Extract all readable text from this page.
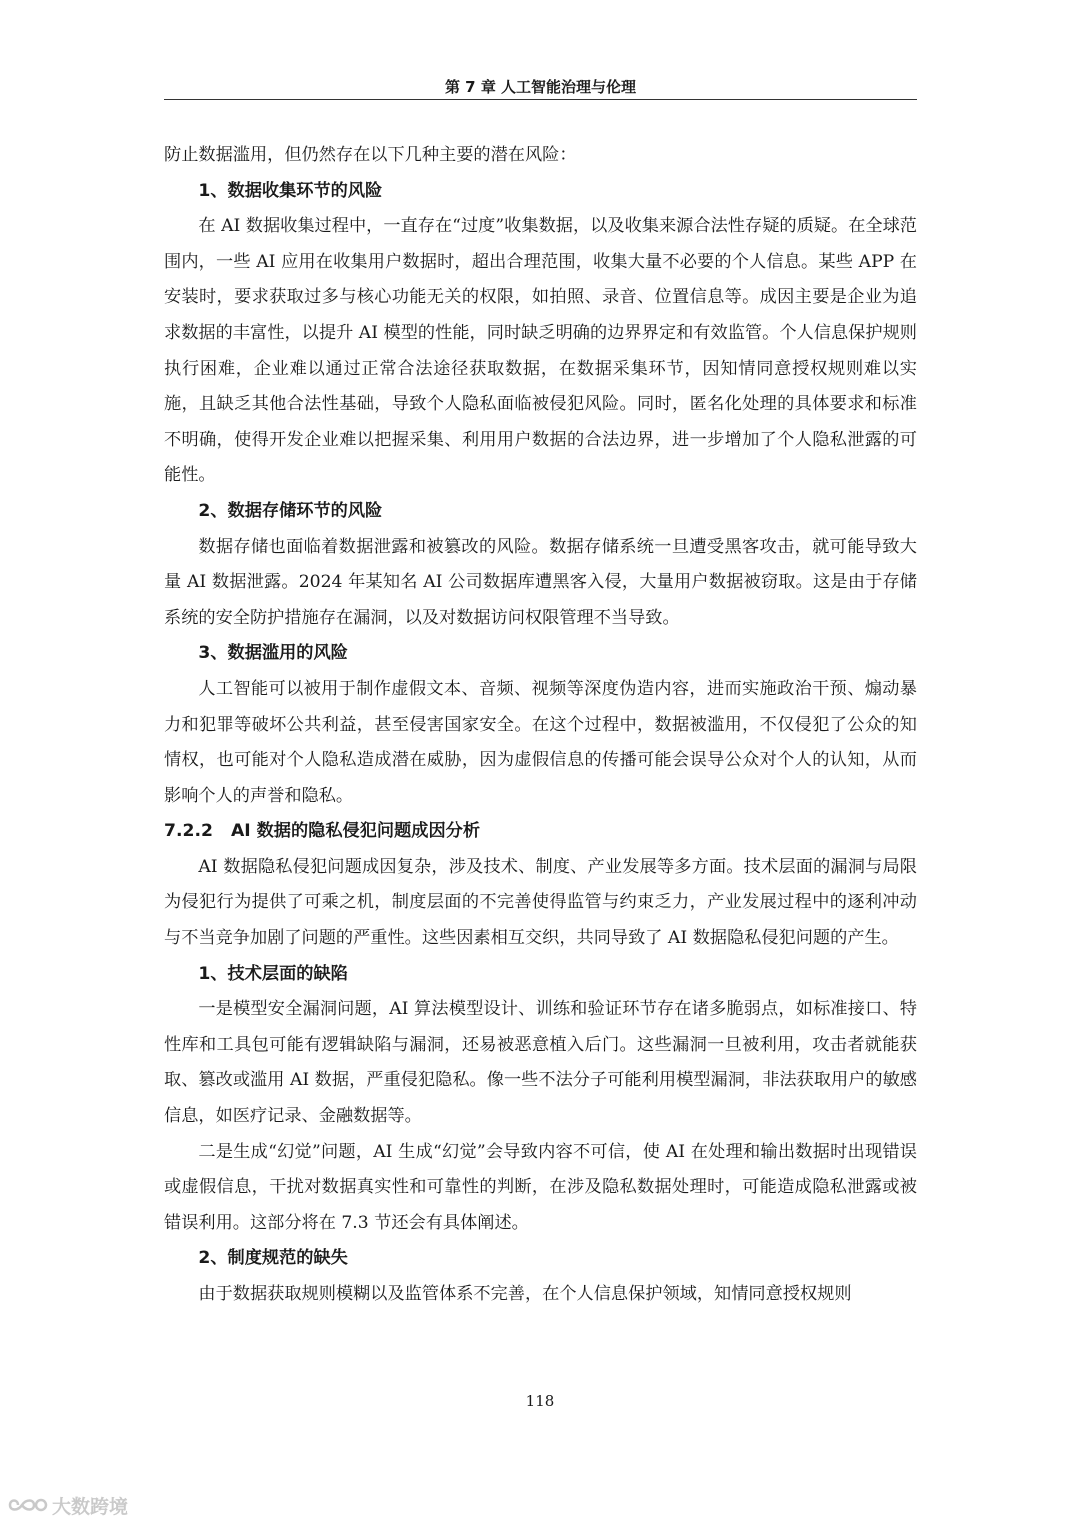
第 7 章 人工智能治理与伦理

防止数据滥用，但仍然存在以下几种主要的潜在风险：

1、数据收集环节的风险

在 AI 数据收集过程中，一直存在“过度”收集数据，以及收集来源合法性存疑的质疑。在全球范围内，一些 AI 应用在收集用户数据时，超出合理范围，收集大量不必要的个人信息。某些 APP 在安装时，要求获取过多与核心功能无关的权限，如拍照、录音、位置信息等。成因主要是企业为追求数据的丰富性，以提升 AI 模型的性能，同时缺乏明确的边界界定和有效监管。个人信息保护规则执行困难，企业难以通过正常合法途径获取数据，在数据采集环节，因知情同意授权规则难以实施，且缺乏其他合法性基础，导致个人隐私面临被侵犯风险。同时，匿名化处理的具体要求和标准不明确，使得开发企业难以把握采集、利用用户数据的合法边界，进一步增加了个人隐私泄露的可能性。

2、数据存储环节的风险

数据存储也面临着数据泄露和被篡改的风险。数据存储系统一旦遭受黑客攻击，就可能导致大量 AI 数据泄露。2024 年某知名 AI 公司数据库遭黑客入侵，大量用户数据被窃取。这是由于存储系统的安全防护措施存在漏洞，以及对数据访问权限管理不当导致。

3、数据滥用的风险

人工智能可以被用于制作虚假文本、音频、视频等深度伪造内容，进而实施政治干预、煽动暴力和犯罪等破坏公共利益，甚至侵害国家安全。在这个过程中，数据被滥用，不仅侵犯了公众的知情权，也可能对个人隐私造成潜在威胁，因为虚假信息的传播可能会误导公众对个人的认知，从而影响个人的声誉和隐私。

7.2.2 AI 数据的隐私侵犯问题成因分析

AI 数据隐私侵犯问题成因复杂，涉及技术、制度、产业发展等多方面。技术层面的漏洞与局限为侵犯行为提供了可乘之机，制度层面的不完善使得监管与约束乏力，产业发展过程中的逐利冲动与不当竞争加剧了问题的严重性。这些因素相互交织，共同导致了 AI 数据隐私侵犯问题的产生。

1、技术层面的缺陷

一是模型安全漏洞问题，AI 算法模型设计、训练和验证环节存在诸多脆弱点，如标准接口、特性库和工具包可能有逻辑缺陷与漏洞，还易被恶意植入后门。这些漏洞一旦被利用，攻击者就能获取、篡改或滥用 AI 数据，严重侵犯隐私。像一些不法分子可能利用模型漏洞，非法获取用户的敏感信息，如医疗记录、金融数据等。

二是生成“幻觉”问题，AI 生成“幻觉”会导致内容不可信，使 AI 在处理和输出数据时出现错误或虚假信息，干扰对数据真实性和可靠性的判断，在涉及隐私数据处理时，可能造成隐私泄露或被错误利用。这部分将在 7.3 节还会有具体阐述。

2、制度规范的缺失

由于数据获取规则模糊以及监管体系不完善，在个人信息保护领域，知情同意授权规则

118
大数跨境
